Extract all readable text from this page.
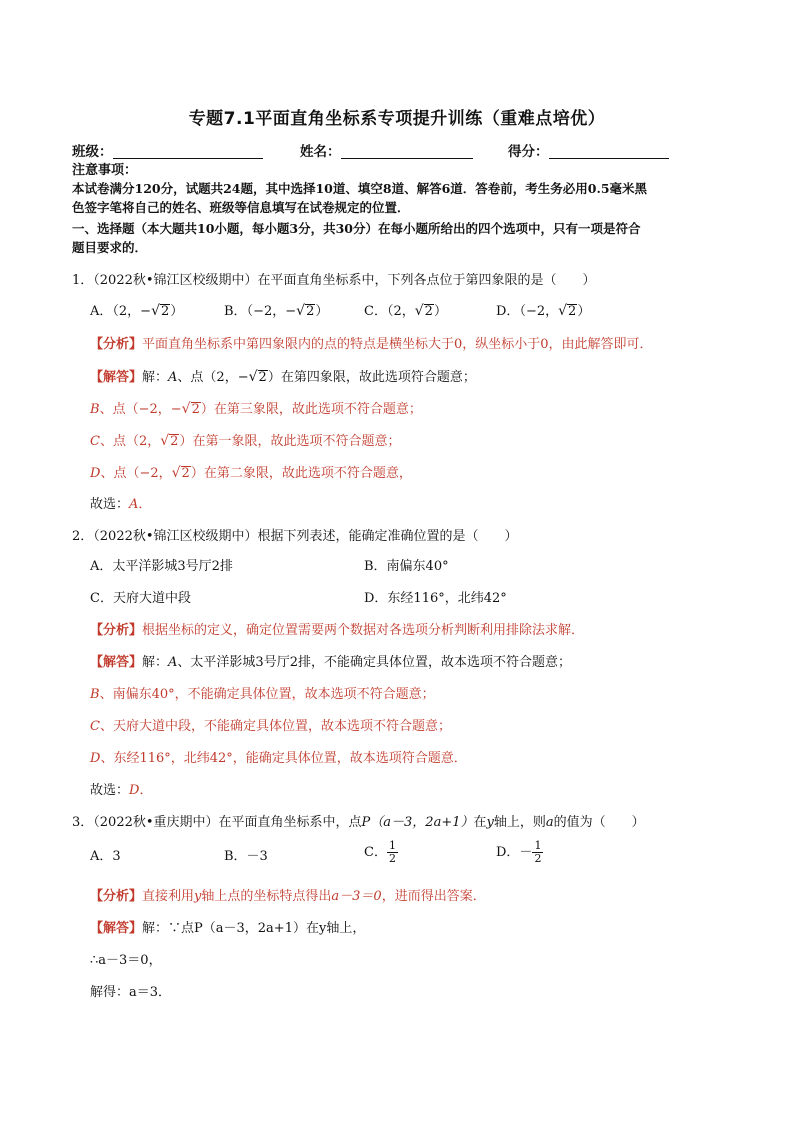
专题7.1平面直角坐标系专项提升训练（重难点培优）
班级：	姓名：	得分：
注意事项：
本试卷满分120分，试题共24题，其中选择10道、填空8道、解答6道．答卷前，考生务必用0.5毫米黑
色签字笔将自己的姓名、班级等信息填写在试卷规定的位置．
一、选择题（本大题共10小题，每小题3分，共30分）在每小题所给出的四个选项中，只有一项是符合
题目要求的．
1．（2022秋•锦江区校级期中）在平面直角坐标系中，下列各点位于第四象限的是（　　）
A．（2，−√2）	B．（−2，−√2）	C．（2，√2）	D．（−2，√2）
【分析】平面直角坐标系中第四象限内的点的特点是横坐标大于0，纵坐标小于0，由此解答即可．
【解答】解：A、点（2，−√2）在第四象限，故此选项符合题意；
B、点（−2，−√2）在第三象限，故此选项不符合题意；
C、点（2，√2）在第一象限，故此选项不符合题意；
D、点（−2，√2）在第二象限，故此选项不符合题意，
故选：A．
2．（2022秋•锦江区校级期中）根据下列表述，能确定准确位置的是（　　）
A．太平洋影城3号厅2排	B．南偏东40°
C．天府大道中段	D．东经116°，北纬42°
【分析】根据坐标的定义，确定位置需要两个数据对各选项分析判断利用排除法求解．
【解答】解：A、太平洋影城3号厅2排，不能确定具体位置，故本选项不符合题意；
B、南偏东40°，不能确定具体位置，故本选项不符合题意；
C、天府大道中段，不能确定具体位置，故本选项不符合题意；
D、东经116°，北纬42°，能确定具体位置，故本选项符合题意．
故选：D．
3．（2022秋•重庆期中）在平面直角坐标系中，点P（a－3，2a+1）在y轴上，则a的值为（　　）
A．3	B．－3	C． $\frac{1}{2}$	D．－ $\frac{1}{2}$
【分析】直接利用y轴上点的坐标特点得出a－3＝0，进而得出答案．
【解答】解：∵点P（a－3，2a+1）在y轴上，
∴a－3＝0，
解得：a＝3．
